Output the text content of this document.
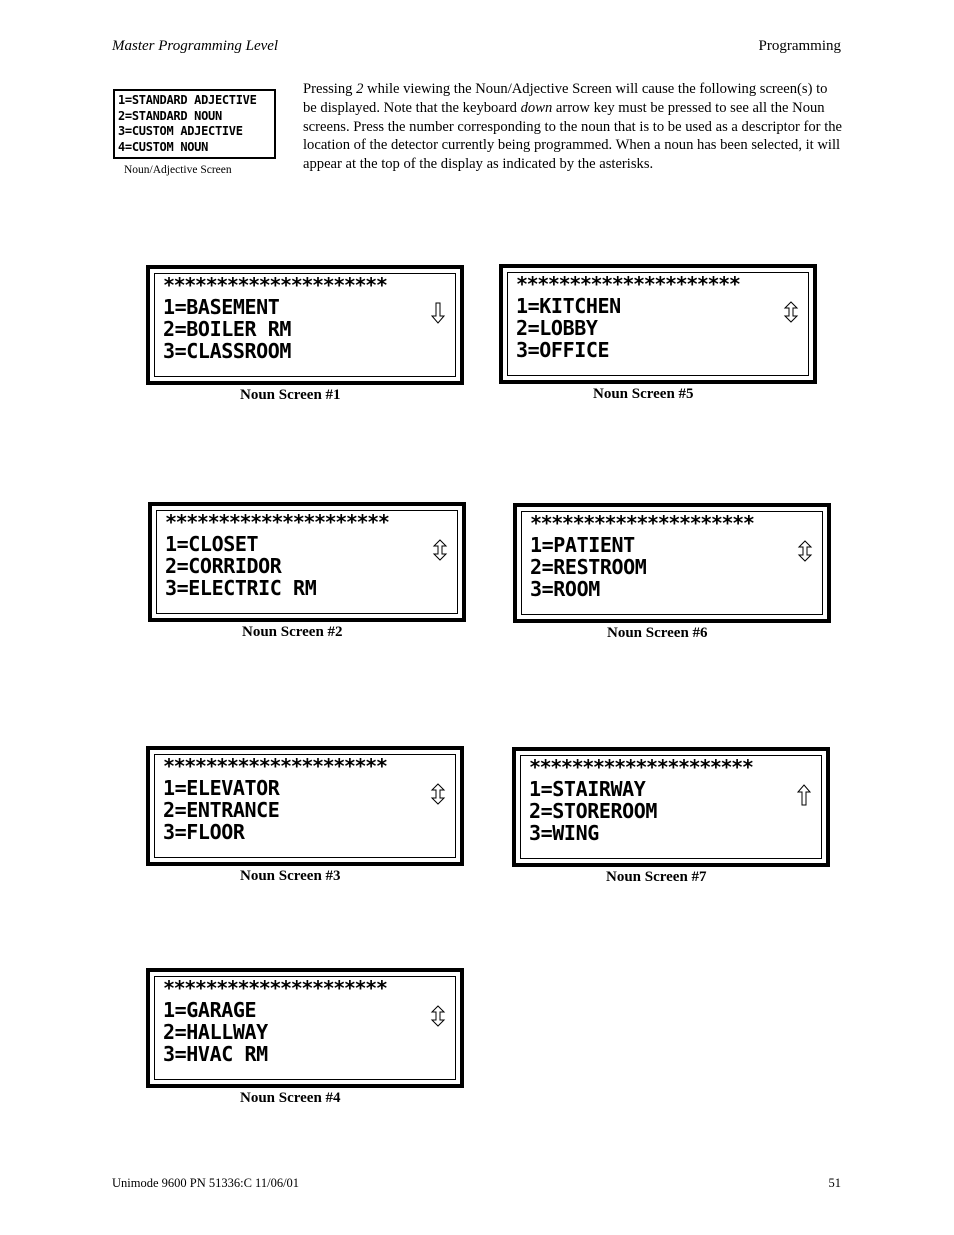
Master Programming Level	Programming
1=STANDARD ADJECTIVE
2=STANDARD NOUN
3=CUSTOM ADJECTIVE
4=CUSTOM NOUN
Noun/Adjective Screen
Pressing 2 while viewing the Noun/Adjective Screen will cause the following screen(s) to be displayed. Note that the keyboard down arrow key must be pressed to see all the Noun screens. Press the number corresponding to the noun that is to be used as a descriptor for the location of the detector currently being programmed. When a noun has been selected, it will appear at the top of the display as indicated by the asterisks.
*********************
1=BASEMENT
2=BOILER RM
3=CLASSROOM
Noun Screen #1
*********************
1=CLOSET
2=CORRIDOR
3=ELECTRIC RM
Noun Screen #2
*********************
1=ELEVATOR
2=ENTRANCE
3=FLOOR
Noun Screen #3
*********************
1=GARAGE
2=HALLWAY
3=HVAC RM
Noun Screen #4
*********************
1=KITCHEN
2=LOBBY
3=OFFICE
Noun Screen #5
*********************
1=PATIENT
2=RESTROOM
3=ROOM
Noun Screen #6
*********************
1=STAIRWAY
2=STOREROOM
3=WING
Noun Screen #7
Unimode 9600 PN 51336:C 11/06/01	51
